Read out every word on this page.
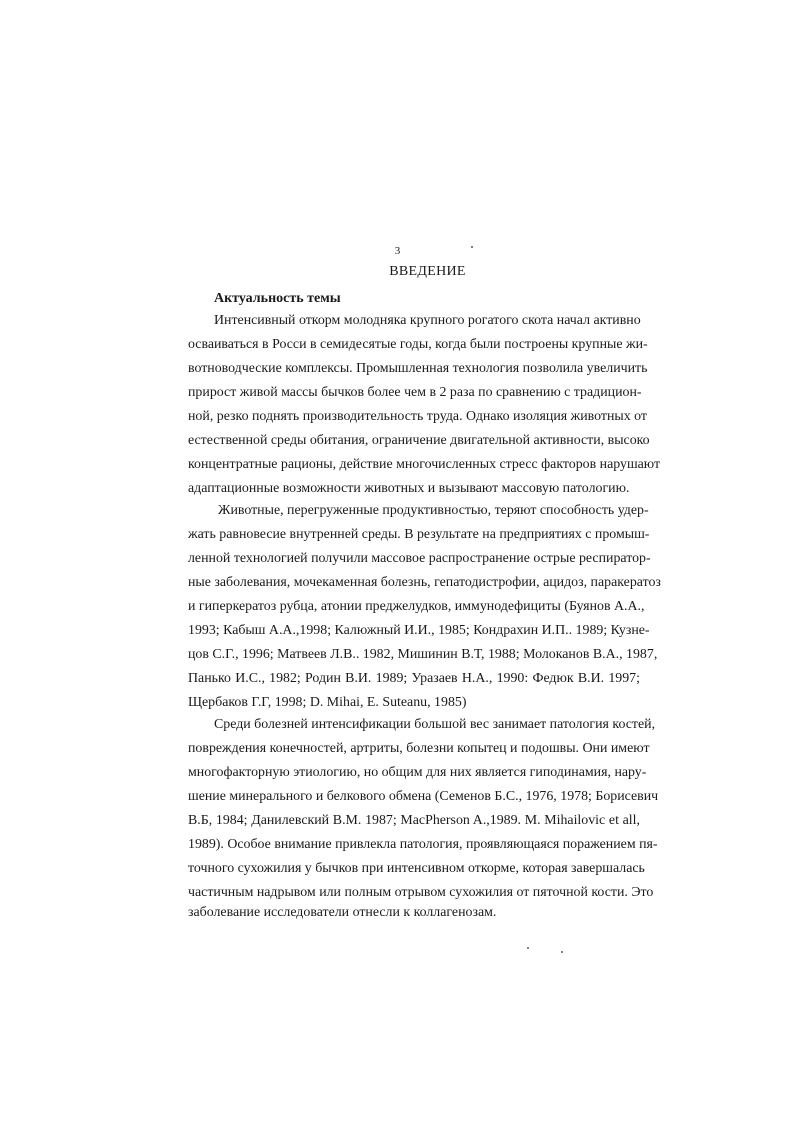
3
ВВЕДЕНИЕ
Актуальность темы
Интенсивный откорм молодняка крупного рогатого скота начал активно
осваиваться в Росси в семидесятые годы, когда были построены крупные жи-
вотноводческие комплексы. Промышленная технология позволила увеличить
прирост живой массы бычков более чем в 2 раза по сравнению с традицион-
ной, резко поднять производительность труда. Однако изоляция животных от
естественной среды обитания, ограничение двигательной активности, высоко
концентратные рационы, действие многочисленных стресс факторов нарушают
адаптационные возможности животных и вызывают массовую патологию.
Животные, перегруженные продуктивностью, теряют способность удер-
жать равновесие внутренней среды. В результате на предприятиях с промыш-
ленной технологией получили массовое распространение острые респиратор-
ные заболевания, мочекаменная болезнь, гепатодистрофии, ацидоз, паракератоз
и гиперкератоз рубца, атонии преджелудков, иммунодефициты (Буянов А.А.,
1993; Кабыш А.А.,1998; Калюжный И.И., 1985; Кондрахин И.П.. 1989; Кузне-
цов С.Г., 1996; Матвеев Л.В.. 1982, Мишинин В.Т, 1988; Молоканов В.А., 1987,
Панько И.С., 1982; Родин В.И. 1989; Уразаев Н.А., 1990: Федюк В.И. 1997;
Щербаков Г.Г, 1998; D. Mihai, E. Suteanu, 1985)
Среди болезней интенсификации большой вес занимает патология костей,
повреждения конечностей, артриты, болезни копытец и подошвы. Они имеют
многофакторную этиологию, но общим для них является гиподинамия, нару-
шение минерального и белкового обмена (Семенов Б.С., 1976, 1978; Борисевич
В.Б, 1984; Данилевский В.М. 1987; MacPherson A.,1989. M. Mihailovic et all,
1989). Особое внимание привлекла патология, проявляющаяся поражением пя-
точного сухожилия у бычков при интенсивном откорме, которая завершалась
частичным надрывом или полным отрывом сухожилия от пяточной кости. Это
заболевание исследователи отнесли к коллагенозам.
